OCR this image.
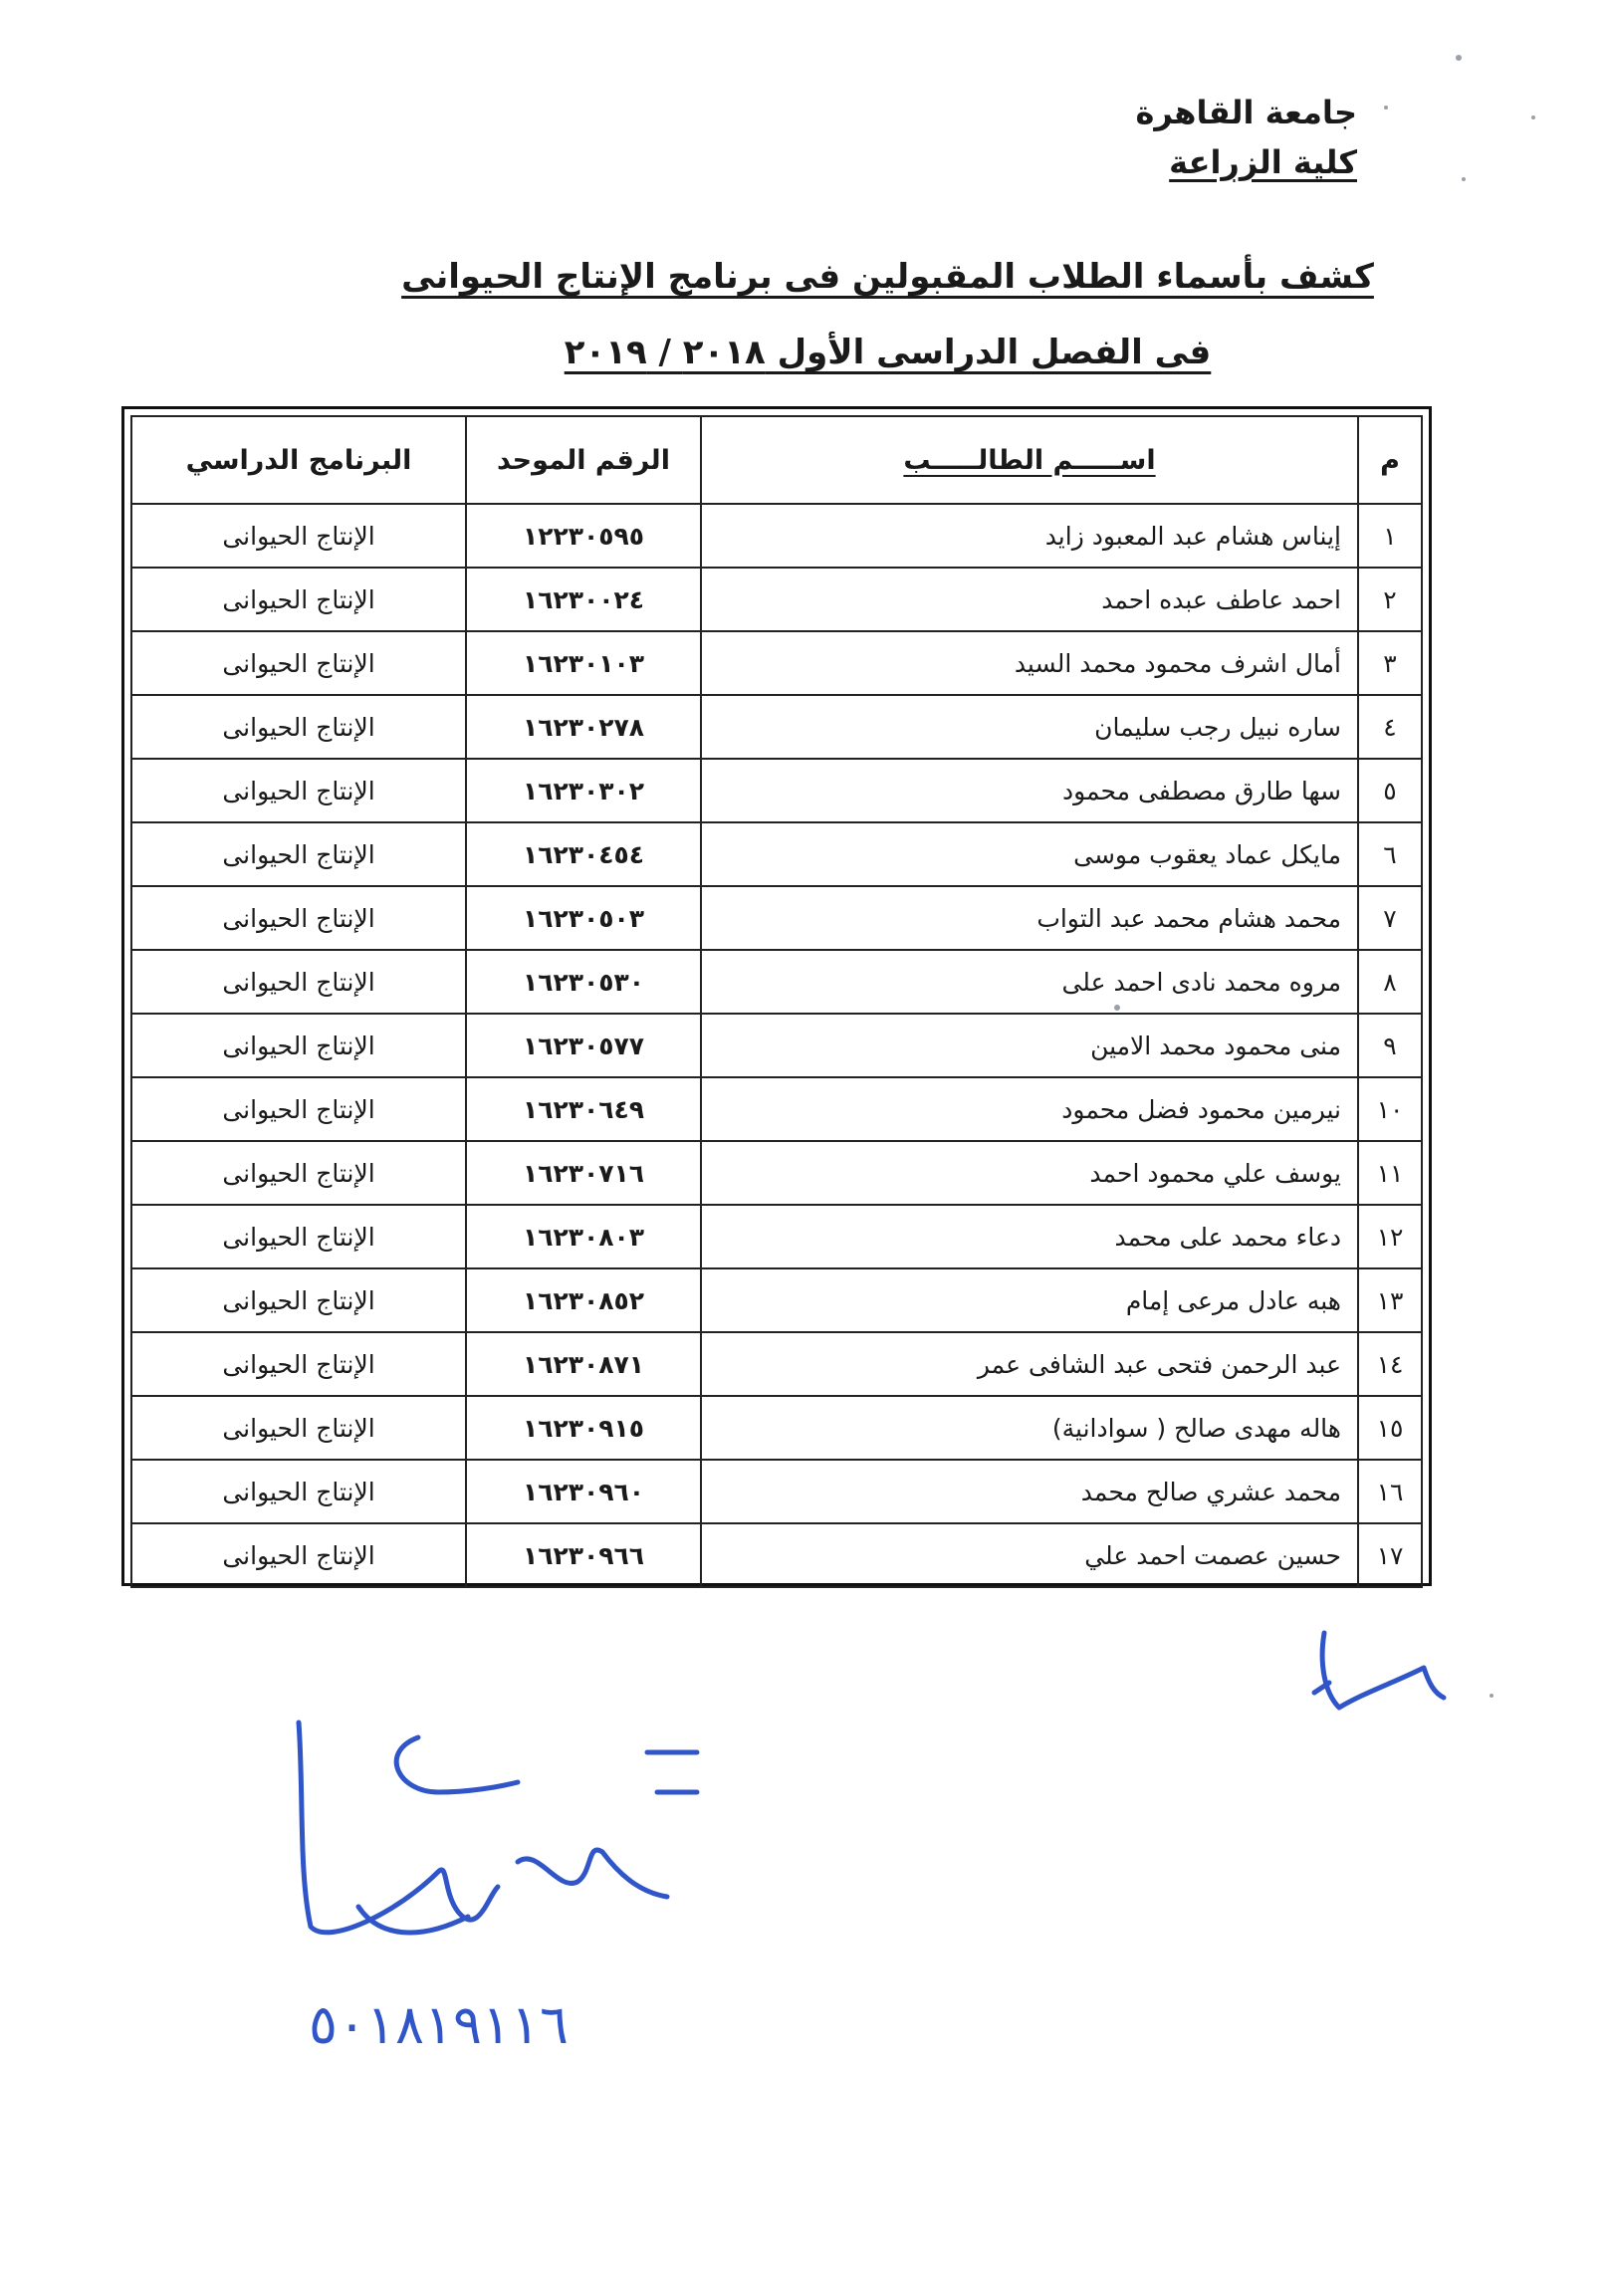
جامعة القاهرة
كلية الزراعة
كشف بأسماء الطلاب المقبولين فى برنامج الإنتاج الحيوانى
فى الفصل الدراسى الأول ٢٠١٨ / ٢٠١٩
م	اســـــم الطالـــــب	الرقم الموحد	البرنامج الدراسي
١	إيناس هشام عبد المعبود زايد	١٢٢٣٠٥٩٥	الإنتاج الحيوانى
٢	احمد عاطف عبده احمد	١٦٢٣٠٠٢٤	الإنتاج الحيوانى
٣	أمال اشرف محمود محمد السيد	١٦٢٣٠١٠٣	الإنتاج الحيوانى
٤	ساره نبيل رجب سليمان	١٦٢٣٠٢٧٨	الإنتاج الحيوانى
٥	سها طارق مصطفى محمود	١٦٢٣٠٣٠٢	الإنتاج الحيوانى
٦	مايكل عماد يعقوب موسى	١٦٢٣٠٤٥٤	الإنتاج الحيوانى
٧	محمد هشام محمد عبد التواب	١٦٢٣٠٥٠٣	الإنتاج الحيوانى
٨	مروه محمد نادى احمد على	١٦٢٣٠٥٣٠	الإنتاج الحيوانى
٩	منى محمود محمد الامين	١٦٢٣٠٥٧٧	الإنتاج الحيوانى
١٠	نيرمين محمود فضل محمود	١٦٢٣٠٦٤٩	الإنتاج الحيوانى
١١	يوسف علي محمود احمد	١٦٢٣٠٧١٦	الإنتاج الحيوانى
١٢	دعاء محمد على محمد	١٦٢٣٠٨٠٣	الإنتاج الحيوانى
١٣	هبه عادل مرعى إمام	١٦٢٣٠٨٥٢	الإنتاج الحيوانى
١٤	عبد الرحمن فتحى عبد الشافى عمر	١٦٢٣٠٨٧١	الإنتاج الحيوانى
١٥	هاله مهدى صالح ( سوادانية)	١٦٢٣٠٩١٥	الإنتاج الحيوانى
١٦	محمد عشري صالح محمد	١٦٢٣٠٩٦٠	الإنتاج الحيوانى
١٧	حسين عصمت احمد علي	١٦٢٣٠٩٦٦	الإنتاج الحيوانى
٥٠١٨١٩١١٦
